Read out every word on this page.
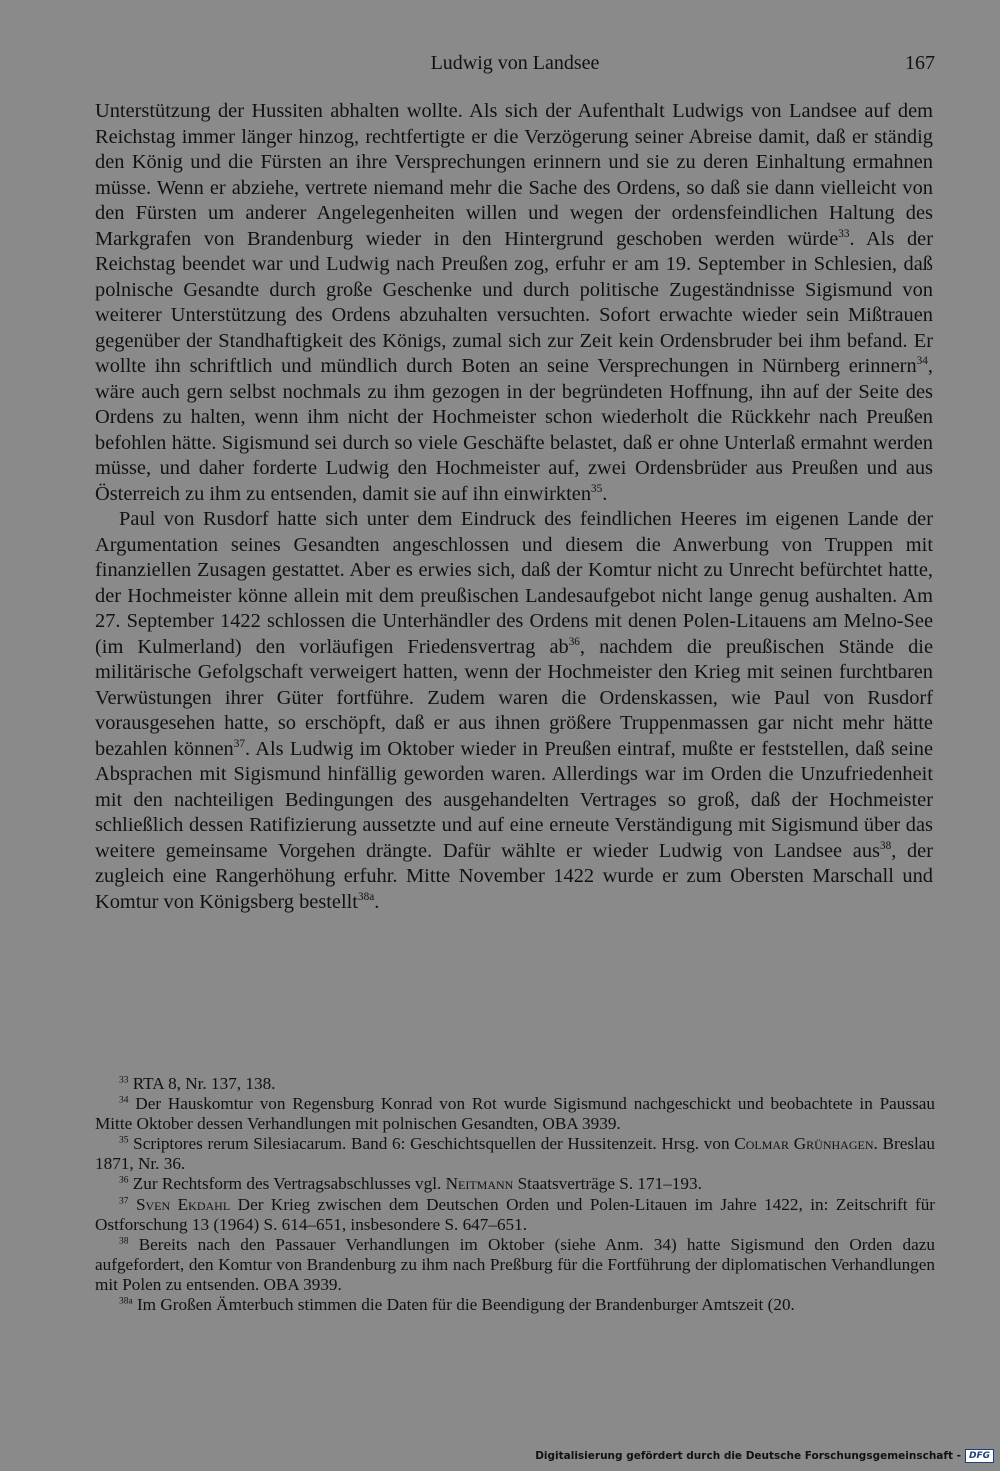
Ludwig von Landsee	167

Unterstützung der Hussiten abhalten wollte. Als sich der Aufenthalt Ludwigs von Landsee auf dem Reichstag immer länger hinzog, rechtfertigte er die Verzögerung seiner Abreise damit, daß er ständig den König und die Fürsten an ihre Versprechungen erinnern und sie zu deren Einhaltung ermahnen müsse. Wenn er abziehe, vertrete niemand mehr die Sache des Ordens, so daß sie dann vielleicht von den Fürsten um anderer Angelegenheiten willen und wegen der ordensfeindlichen Haltung des Markgrafen von Brandenburg wieder in den Hintergrund geschoben werden würde$^{33}$. Als der Reichstag beendet war und Ludwig nach Preußen zog, erfuhr er am 19. September in Schlesien, daß polnische Gesandte durch große Geschenke und durch politische Zugeständnisse Sigismund von weiterer Unterstützung des Ordens abzuhalten versuchten. Sofort erwachte wieder sein Mißtrauen gegenüber der Standhaftigkeit des Königs, zumal sich zur Zeit kein Ordensbruder bei ihm befand. Er wollte ihn schriftlich und mündlich durch Boten an seine Versprechungen in Nürnberg erinnern$^{34}$, wäre auch gern selbst nochmals zu ihm gezogen in der begründeten Hoffnung, ihn auf der Seite des Ordens zu halten, wenn ihm nicht der Hochmeister schon wiederholt die Rückkehr nach Preußen befohlen hätte. Sigismund sei durch so viele Geschäfte belastet, daß er ohne Unterlaß ermahnt werden müsse, und daher forderte Ludwig den Hochmeister auf, zwei Ordensbrüder aus Preußen und aus Österreich zu ihm zu entsenden, damit sie auf ihn einwirkten$^{35}$.

Paul von Rusdorf hatte sich unter dem Eindruck des feindlichen Heeres im eigenen Lande der Argumentation seines Gesandten angeschlossen und diesem die Anwerbung von Truppen mit finanziellen Zusagen gestattet. Aber es erwies sich, daß der Komtur nicht zu Unrecht befürchtet hatte, der Hochmeister könne allein mit dem preußischen Landesaufgebot nicht lange genug aushalten. Am 27. September 1422 schlossen die Unterhändler des Ordens mit denen Polen-Litauens am Melno-See (im Kulmerland) den vorläufigen Friedensvertrag $ab^{36}$, nachdem die preußischen Stände die militärische Gefolgschaft verweigert hatten, wenn der Hochmeister den Krieg mit seinen furchtbaren Verwüstungen ihrer Güter fortführe. Zudem waren die Ordenskassen, wie Paul von Rusdorf vorausgesehen hatte, so erschöpft, daß er aus ihnen größere Truppenmassen gar nicht mehr hätte bezahlen können$^{37}$. Als Ludwig im Oktober wieder in Preußen eintraf, mußte er feststellen, daß seine Absprachen mit Sigismund hinfällig geworden waren. Allerdings war im Orden die Unzufriedenheit mit den nachteiligen Bedingungen des ausgehandelten Vertrages so groß, daß der Hochmeister schließlich dessen Ratifizierung aussetzte und auf eine erneute Verständigung mit Sigismund über das weitere gemeinsame Vorgehen drängte. Dafür wählte er wieder Ludwig von Landsee aus$^{38}$, der zugleich eine Rangerhöhung erfuhr. Mitte November 1422 wurde er zum Obersten Marschall und Komtur von Königsberg bestellt$^{38a}$.

$^{33}$ RTA 8, Nr. 137, 138.

$^{34}$ Der Hauskomtur von Regensburg Konrad von Rot wurde Sigismund nachgeschickt und beobachtete in Paussau Mitte Oktober dessen Verhandlungen mit polnischen Gesandten, OBA 3939.

$^{35}$ Scriptores rerum Silesiacarum. Band 6: Geschichtsquellen der Hussitenzeit. Hrsg. von Colmar Grünhagen. Breslau 1871, Nr. 36.

$^{36}$ Zur Rechtsform des Vertragsabschlusses vgl. Neitmann Staatsverträge S. 171–193.

$^{37}$ Sven Ekdahl Der Krieg zwischen dem Deutschen Orden und Polen-Litauen im Jahre 1422, in: Zeitschrift für Ostforschung 13 (1964) S. 614–651, insbesondere S. 647–651.

$^{38}$ Bereits nach den Passauer Verhandlungen im Oktober (siehe Anm. 34) hatte Sigismund den Orden dazu aufgefordert, den Komtur von Brandenburg zu ihm nach Preßburg für die Fortführung der diplomatischen Verhandlungen mit Polen zu entsenden. OBA 3939.

$^{38a}$ Im Großen Ämterbuch stimmen die Daten für die Beendigung der Brandenburger Amtszeit (20.

Digitalisierung gefördert durch die Deutsche Forschungsgemeinschaft - DFG
